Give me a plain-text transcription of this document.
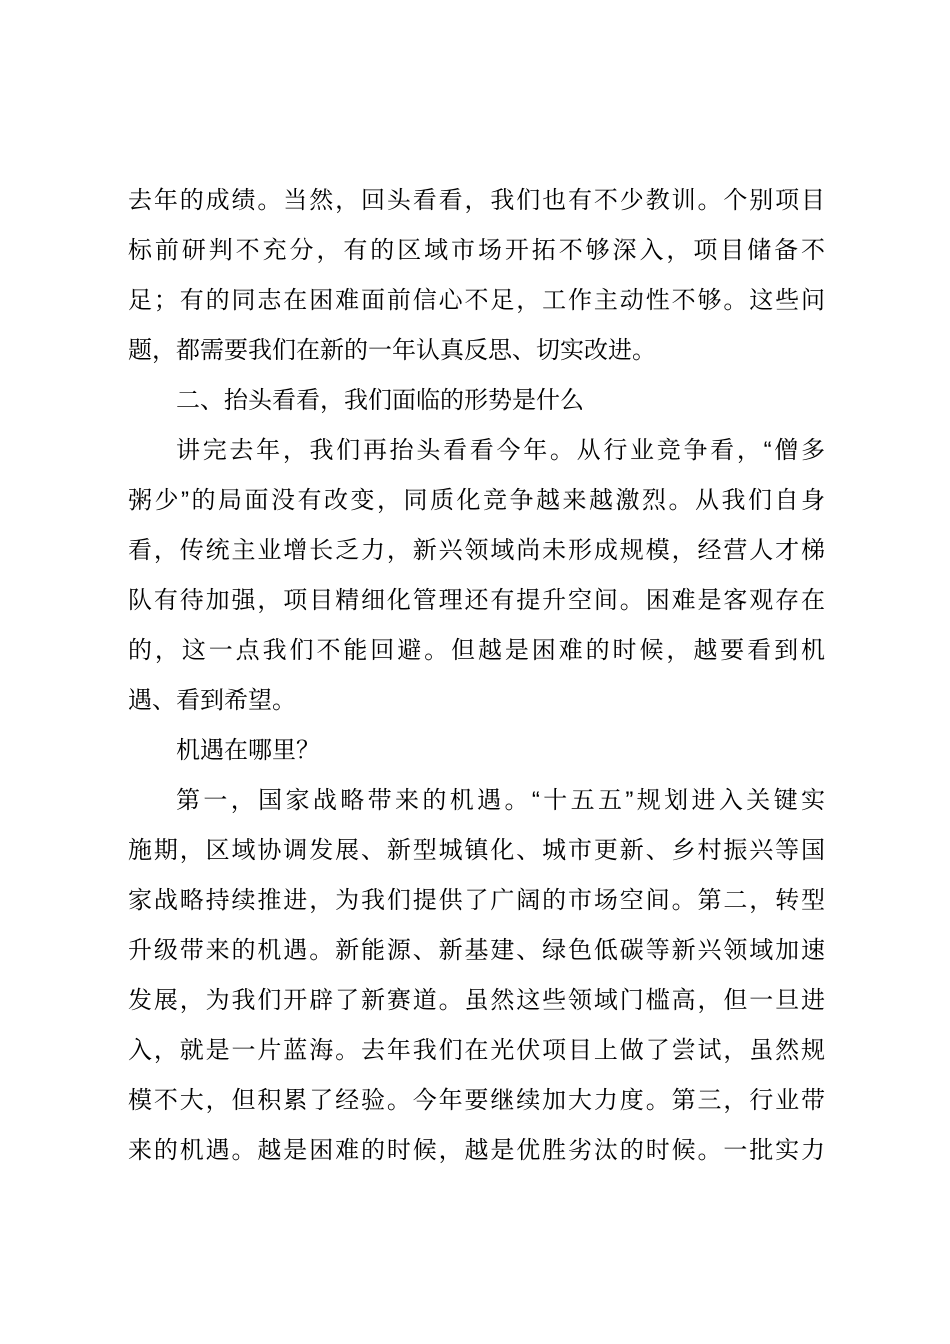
去年的成绩。当然，回头看看，我们也有不少教训。个别项目
标前研判不充分，有的区域市场开拓不够深入，项目储备不
足；有的同志在困难面前信心不足，工作主动性不够。这些问
题，都需要我们在新的一年认真反思、切实改进。
二、抬头看看，我们面临的形势是什么
讲完去年，我们再抬头看看今年。从行业竞争看，“僧多
粥少”的局面没有改变，同质化竞争越来越激烈。从我们自身
看，传统主业增长乏力，新兴领域尚未形成规模，经营人才梯
队有待加强，项目精细化管理还有提升空间。困难是客观存在
的，这一点我们不能回避。但越是困难的时候，越要看到机
遇、看到希望。
机遇在哪里？
第一，国家战略带来的机遇。“十五五”规划进入关键实
施期，区域协调发展、新型城镇化、城市更新、乡村振兴等国
家战略持续推进，为我们提供了广阔的市场空间。第二，转型
升级带来的机遇。新能源、新基建、绿色低碳等新兴领域加速
发展，为我们开辟了新赛道。虽然这些领域门槛高，但一旦进
入，就是一片蓝海。去年我们在光伏项目上做了尝试，虽然规
模不大，但积累了经验。今年要继续加大力度。第三，行业带
来的机遇。越是困难的时候，越是优胜劣汰的时候。一批实力
